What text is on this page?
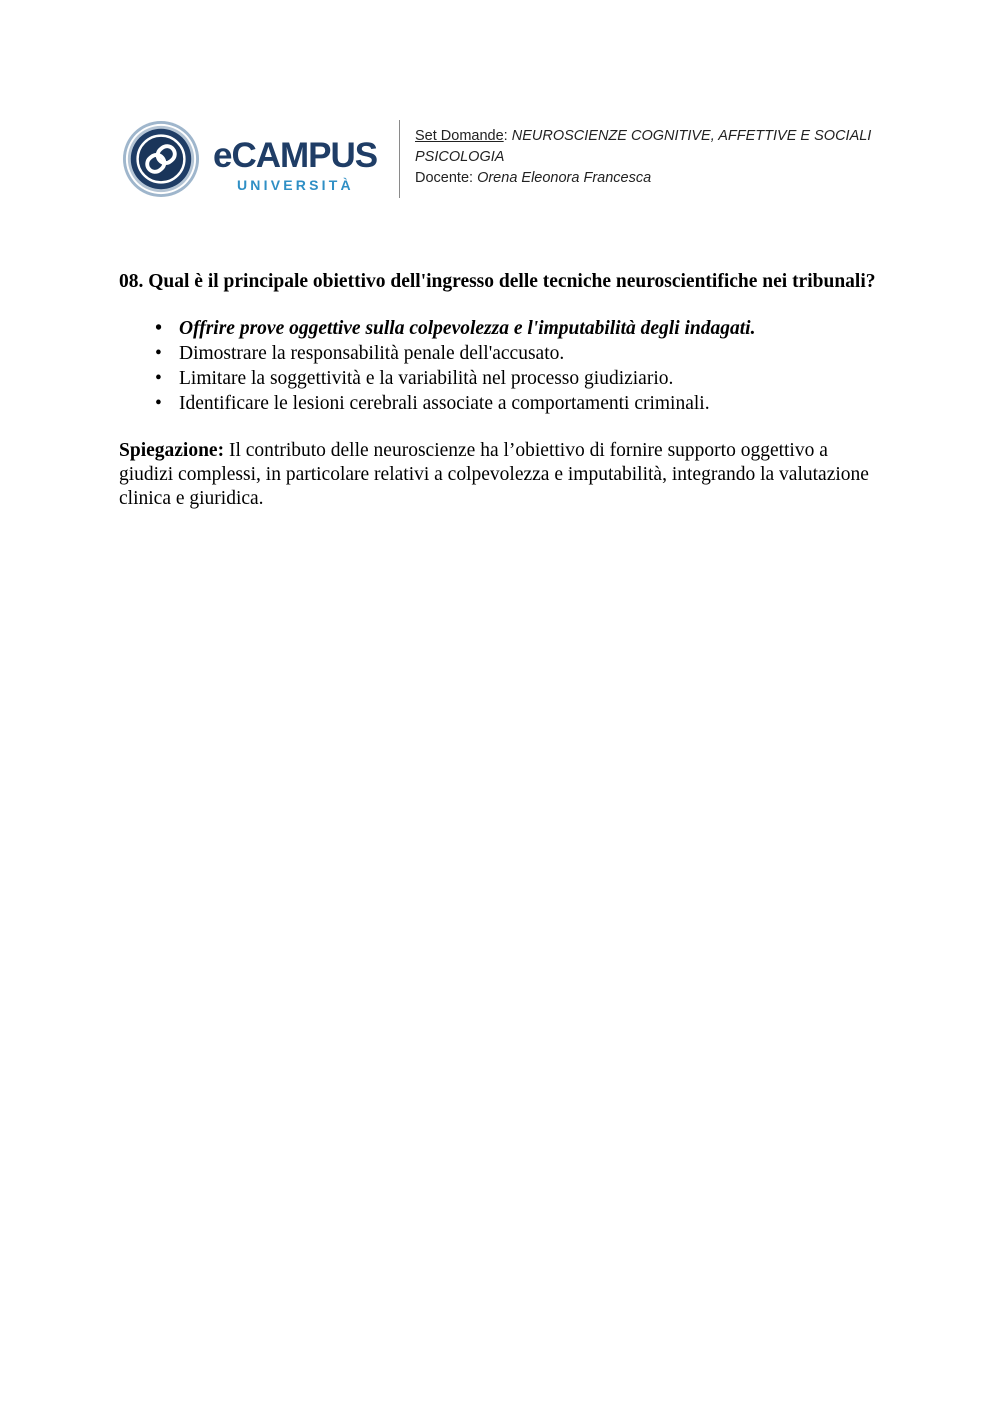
eCAMPUS
UNIVERSITÀ
Set Domande: NEUROSCIENZE COGNITIVE, AFFETTIVE E SOCIALI
PSICOLOGIA
Docente: Orena Eleonora Francesca

08. Qual è il principale obiettivo dell'ingresso delle tecniche neuroscientifiche nei tribunali?

• Offrire prove oggettive sulla colpevolezza e l'imputabilità degli indagati.
• Dimostrare la responsabilità penale dell'accusato.
• Limitare la soggettività e la variabilità nel processo giudiziario.
• Identificare le lesioni cerebrali associate a comportamenti criminali.

Spiegazione: Il contributo delle neuroscienze ha l’obiettivo di fornire supporto oggettivo a giudizi complessi, in particolare relativi a colpevolezza e imputabilità, integrando la valutazione clinica e giuridica.
